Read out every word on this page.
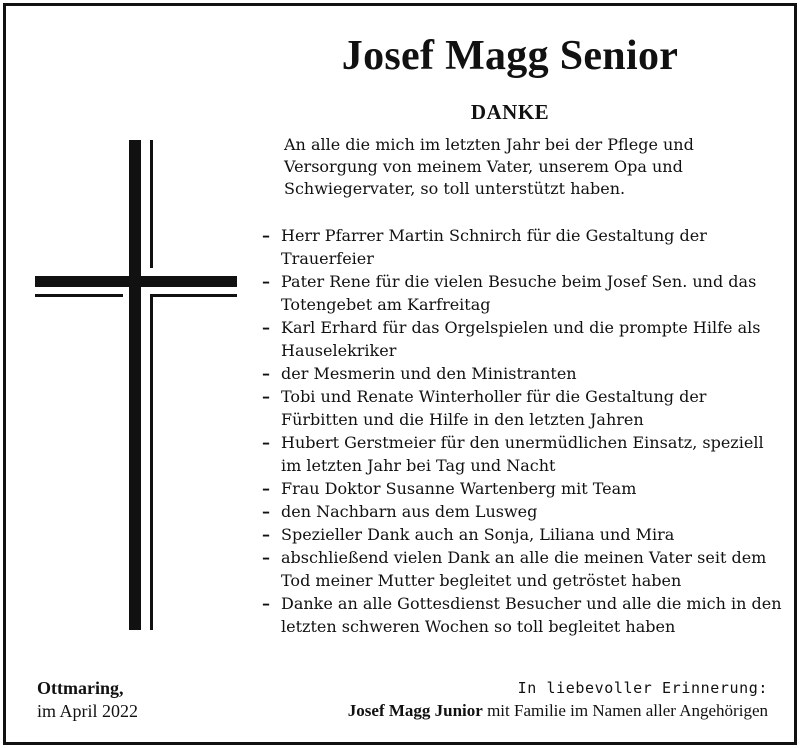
Josef Magg Senior
DANKE
An alle die mich im letzten Jahr bei der Pflege und Versorgung von meinem Vater, unserem Opa und Schwiegervater, so toll unterstützt haben.
– Herr Pfarrer Martin Schnirch für die Gestaltung der Trauerfeier
– Pater Rene für die vielen Besuche beim Josef Sen. und das Totengebet am Karfreitag
– Karl Erhard für das Orgelspielen und die prompte Hilfe als Hauselekriker
– der Mesmerin und den Ministranten
– Tobi und Renate Winterholler für die Gestaltung der Fürbitten und die Hilfe in den letzten Jahren
– Hubert Gerstmeier für den unermüdlichen Einsatz, speziell im letzten Jahr bei Tag und Nacht
– Frau Doktor Susanne Wartenberg mit Team
– den Nachbarn aus dem Lusweg
– Spezieller Dank auch an Sonja, Liliana und Mira
– abschließend vielen Dank an alle die meinen Vater seit dem Tod meiner Mutter begleitet und getröstet haben
– Danke an alle Gottesdienst Besucher und alle die mich in den letzten schweren Wochen so toll begleitet haben
Ottmaring,
im April 2022
In liebevoller Erinnerung:
Josef Magg Junior mit Familie im Namen aller Angehörigen
